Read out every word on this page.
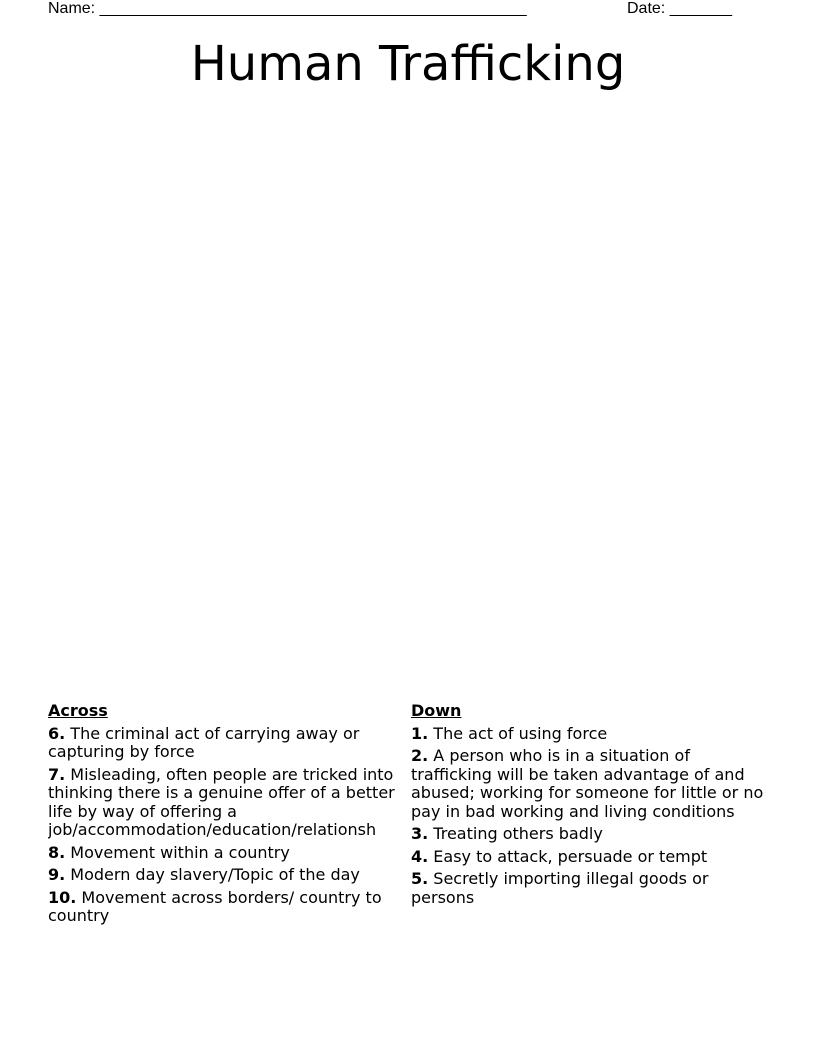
Name: ________________________________________________	Date: _______
Human Trafficking
Across
6. The criminal act of carrying away or capturing by force
7. Misleading, often people are tricked into thinking there is a genuine offer of a better life by way of offering a job/accommodation/education/relationsh
8. Movement within a country
9. Modern day slavery/Topic of the day
10. Movement across borders/ country to country
Down
1. The act of using force
2. A person who is in a situation of trafficking will be taken advantage of and abused; working for someone for little or no pay in bad working and living conditions
3. Treating others badly
4. Easy to attack, persuade or tempt
5. Secretly importing illegal goods or persons
